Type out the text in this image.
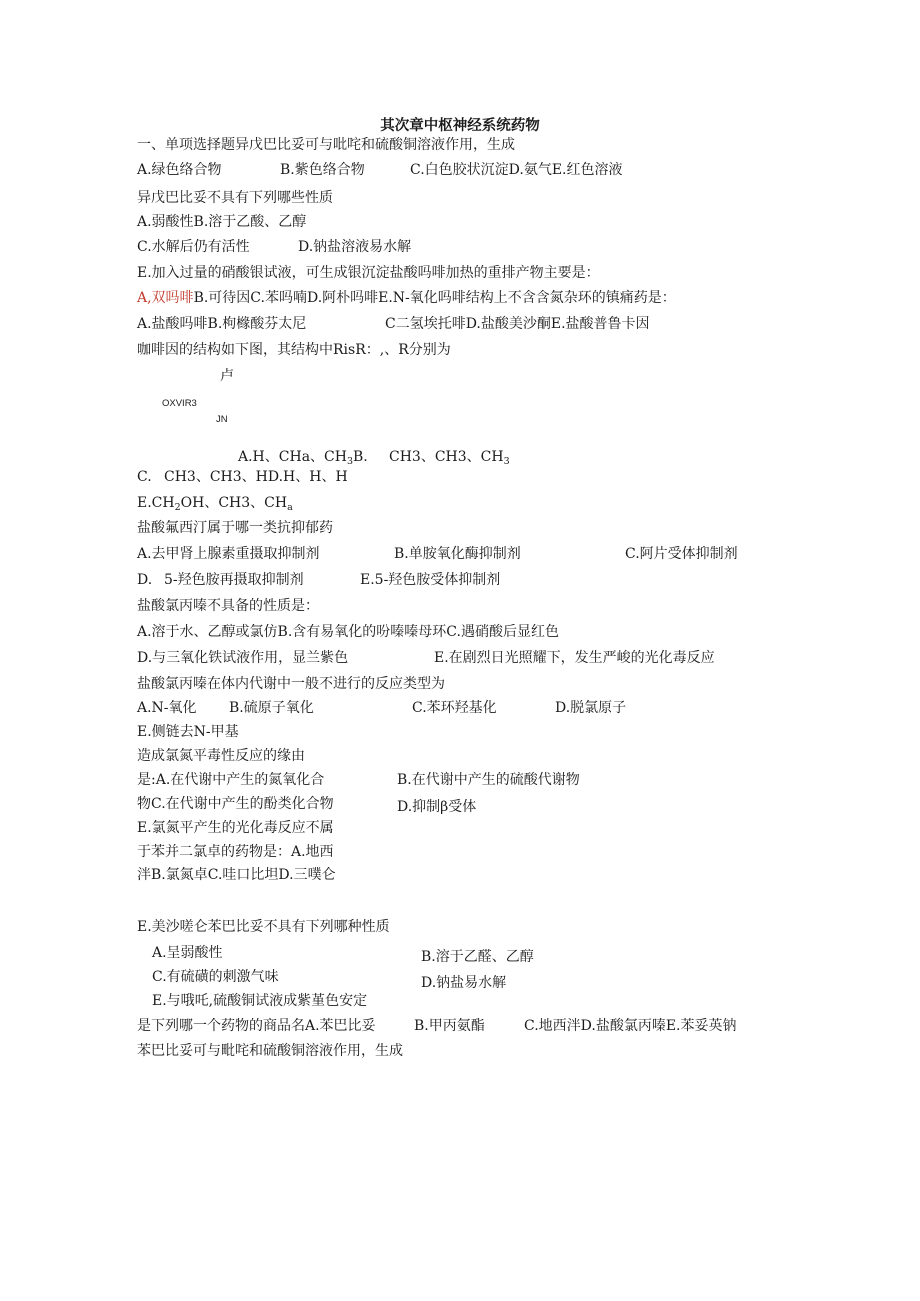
其次章中枢神经系统药物
一、单项选择题异戊巴比妥可与吡咤和硫酸铜溶液作用，生成
A.绿色络合物	B.紫色络合物	C.白色胶状沉淀D.氨气E.红色溶液
异戊巴比妥不具有下列哪些性质
A.弱酸性B.溶于乙酸、乙醇
C.水解后仍有活性	D.钠盐溶液易水解
E.加入过量的硝酸银试液，可生成银沉淀盐酸吗啡加热的重排产物主要是：
A,双吗啡B.可待因C.苯吗喃D.阿朴吗啡E.N-氧化吗啡结构上不含含氮杂环的镇痛药是：
A.盐酸吗啡B.枸橼酸芬太尼	C二氢埃托啡D.盐酸美沙酮E.盐酸普鲁卡因
咖啡因的结构如下图，其结构中RisR：,、R分别为
卢
OXVIR3
JN
A.H、CHa、$CH_3B$. CH3、CH3、$CH_3$
C. CH3、CH3、HD.H、H、H
$E.CH_2OH$、CH3、$CH_a$
盐酸氟西汀属于哪一类抗抑郁药
A.去甲肾上腺素重摄取抑制剂	B.单胺氧化酶抑制剂	C.阿片受体抑制剂
D. 5-羟色胺再摄取抑制剂	E.5-羟色胺受体抑制剂
盐酸氯丙嗪不具备的性质是：
A.溶于水、乙醇或氯仿B.含有易氧化的吩嗪嗪母环C.遇硝酸后显红色
D.与三氧化铁试液作用，显兰紫色	E.在剧烈日光照耀下，发生严峻的光化毒反应
盐酸氯丙嗪在体内代谢中一般不进行的反应类型为
A.N-氧化 B.硫原子氧化	C.苯环羟基化	D.脱氯原子
E.侧链去N-甲基
造成氯氮平毒性反应的缘由
是:A.在代谢中产生的氮氧化合	B.在代谢中产生的硫酸代谢物
物C.在代谢中产生的酚类化合物	D.抑制β受体
E.氯氮平产生的光化毒反应不属
于苯并二氯卓的药物是：A.地西
泮B.氯氮卓C.哇口比坦D.三噗仑
E.美沙嗟仑苯巴比妥不具有下列哪种性质
A.呈弱酸性	B.溶于乙醛、乙醇
C.有硫磺的刺激气味	D.钠盐易水解
E.与哦吒,硫酸铜试液成紫堇色安定
是下列哪一个药物的商品名A.苯巴比妥	B.甲丙氨酯	C.地西泮D.盐酸氯丙嗪E.苯妥英钠
苯巴比妥可与毗咤和硫酸铜溶液作用，生成
